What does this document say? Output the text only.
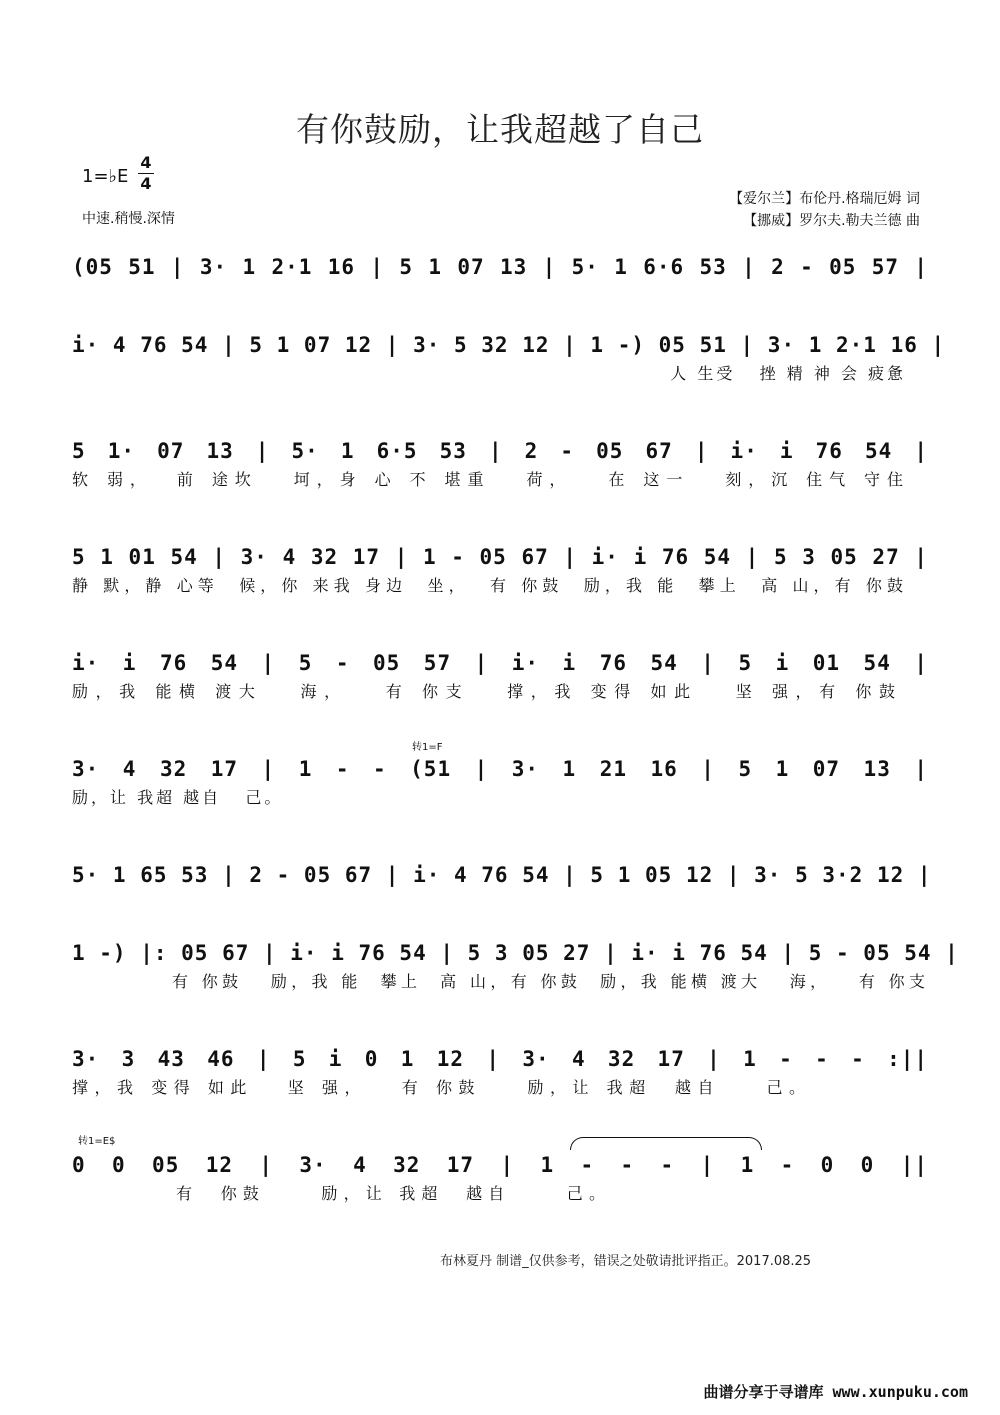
有你鼓励，让我超越了自己
1=♭E
4
4
中速.稍慢.深情
【爱尔兰】布伦丹.格瑞厄姆 词
【挪威】罗尔夫.勒夫兰德 曲
(05 51 | 3· 1 2·1 16 | 5 1 07 13 | 5· 1 6·6 53 | 2 - 05 57 |
i· 4 76 54 | 5 1 07 12 | 3· 5 32 12 | 1 -) 05 51 | 3· 1 2·1 16 |
人 生受   挫 精 神 会 疲惫
5 1· 07 13 | 5· 1 6·5 53 | 2 - 05 67 | i· i 76 54 |
软 弱，  前 途坎   坷，身 心 不 堪重   荷，   在 这一   刻，沉 住气 守住
5 1 01 54 | 3· 4 32 17 | 1 - 05 67 | i· i 76 54 | 5 3 05 27 |
静 默，静 心等  候，你 来我 身边  坐，  有 你鼓  励，我 能  攀上  高 山，有 你鼓
i· i 76 54 | 5 - 05 57 | i· i 76 54 | 5 i 01 54 |
励，我 能横 渡大   海，   有 你支   撑，我 变得 如此   坚 强，有 你鼓
转1=F
3· 4 32 17 | 1 - - (51 | 3· 1 21 16 | 5 1 07 13 |
励，让 我超 越自   己。
5· 1 65 53 | 2 - 05 67 | i· 4 76 54 | 5 1 05 12 | 3· 5 3·2 12 |
1 -) |: 05 67 | i· i 76 54 | 5 3 05 27 | i· i 76 54 | 5 - 05 54 |
有 你鼓   励，我 能  攀上  高 山，有 你鼓  励，我 能横 渡大   海，   有 你支
3· 3 43 46 | 5 i 0 1 12 | 3· 4 32 17 | 1 - - - :||
撑，我 变得 如此   坚 强，   有 你鼓    励，让 我超  越自    己。
转1=E$
0 0 05 12 | 3· 4 32 17 | 1 - - - | 1 - 0 0 ||
有  你鼓     励，让 我超  越自     己。
布林夏丹 制谱_仅供参考，错误之处敬请批评指正。2017.08.25
曲谱分享于寻谱库 www.xunpuku.com
